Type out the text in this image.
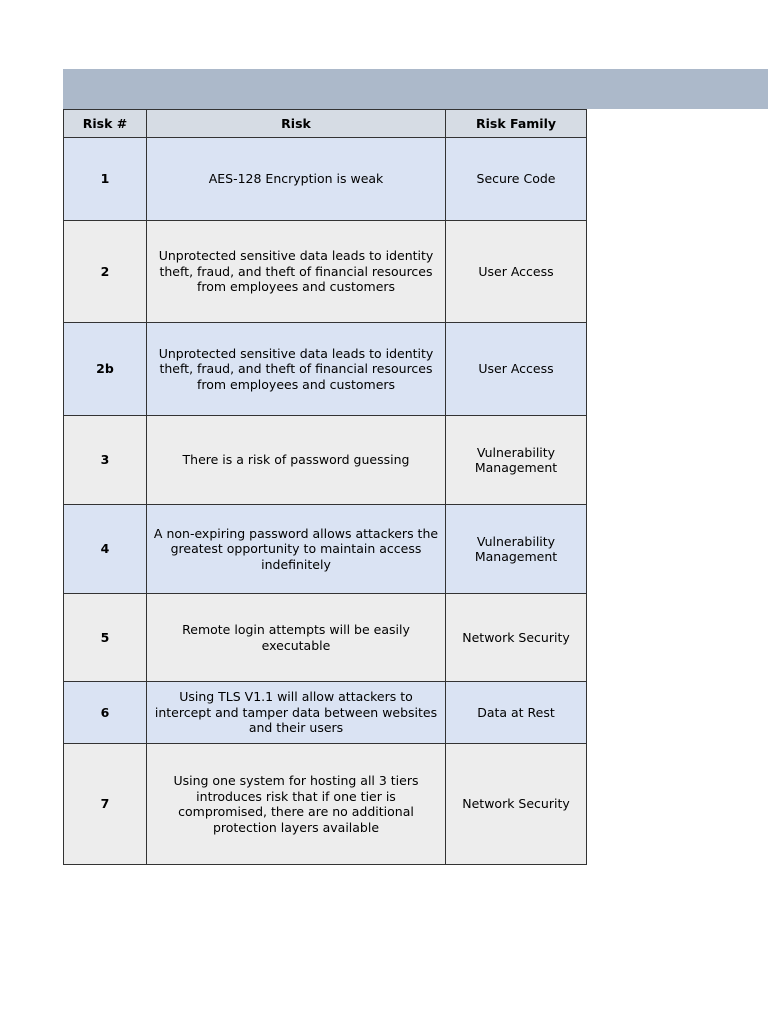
Risk #	Risk	Risk Family
1	AES-128 Encryption is weak	Secure Code
2	Unprotected sensitive data leads to identity theft, fraud, and theft of financial resources from employees and customers	User Access
2b	Unprotected sensitive data leads to identity theft, fraud, and theft of financial resources from employees and customers	User Access
3	There is a risk of password guessing	Vulnerability Management
4	A non-expiring password allows attackers the greatest opportunity to maintain access indefinitely	Vulnerability Management
5	Remote login attempts will be easily executable	Network Security
6	Using TLS V1.1 will allow attackers to intercept and tamper data between websites and their users	Data at Rest
7	Using one system for hosting all 3 tiers introduces risk that if one tier is compromised, there are no additional protection layers available	Network Security
